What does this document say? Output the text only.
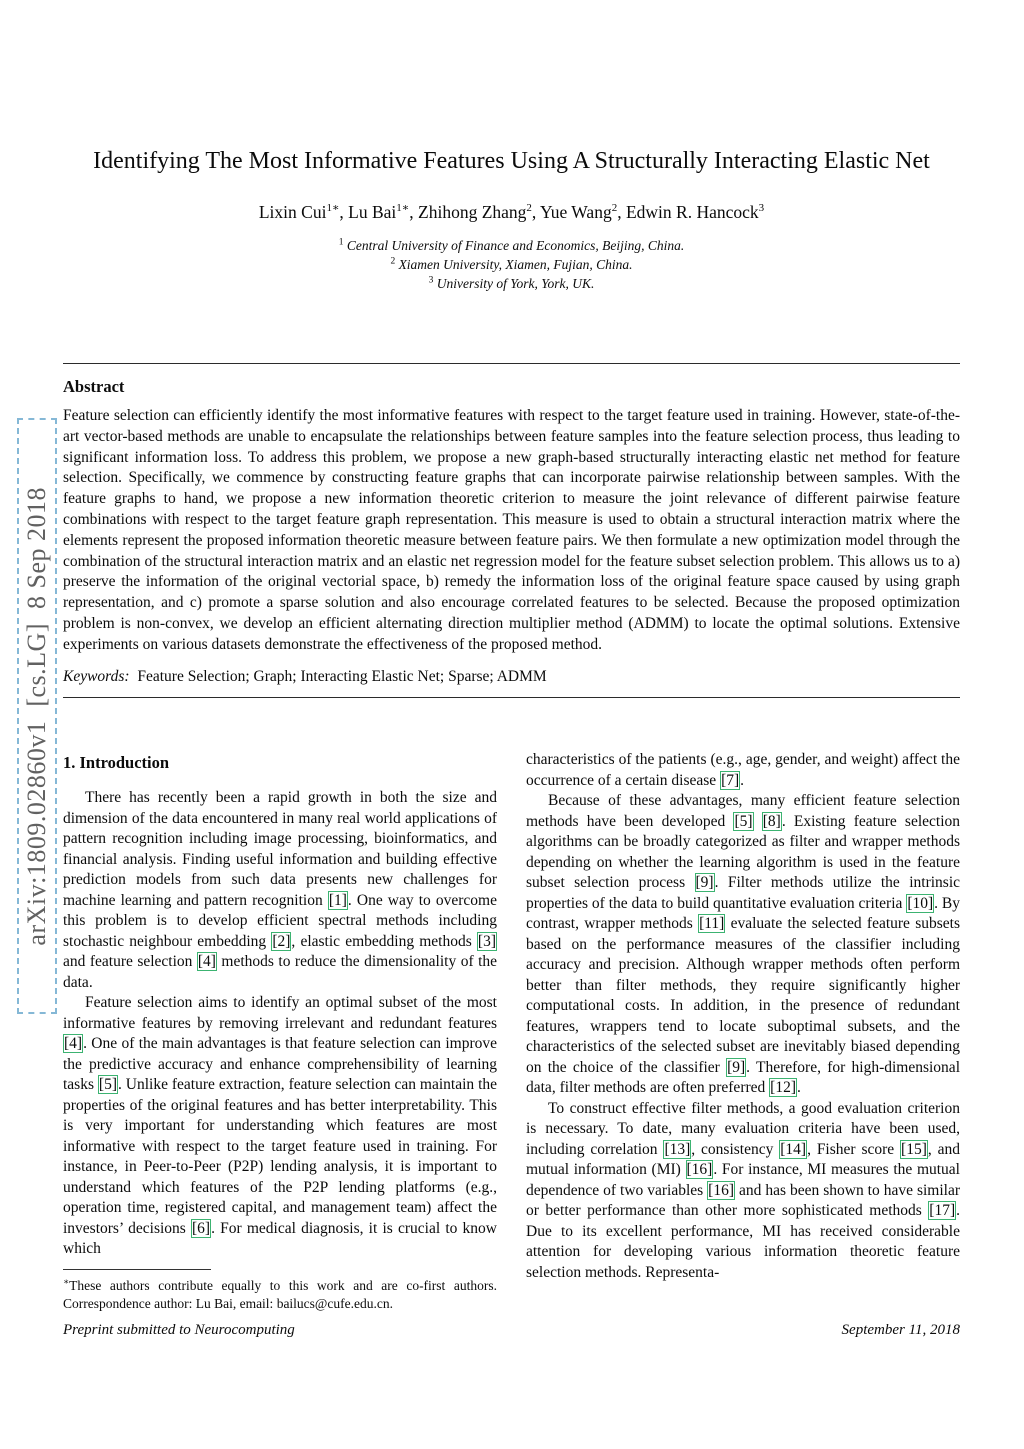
arXiv:1809.02860v1  [cs.LG]  8 Sep 2018
Identifying The Most Informative Features Using A Structurally Interacting Elastic Net
Lixin Cui$^{1∗}$, Lu Bai$^{1∗}$, Zhihong Zhang$^2$, Yue Wang$^2$, Edwin R. Hancock$^3$
$^1$ Central University of Finance and Economics, Beijing, China.
$^2$ Xiamen University, Xiamen, Fujian, China.
$^3$ University of York, York, UK.
Abstract

Feature selection can efficiently identify the most informative features with respect to the target feature used in training. However, state-of-the-art vector-based methods are unable to encapsulate the relationships between feature samples into the feature selection process, thus leading to significant information loss. To address this problem, we propose a new graph-based structurally interacting elastic net method for feature selection. Specifically, we commence by constructing feature graphs that can incorporate pairwise relationship between samples. With the feature graphs to hand, we propose a new information theoretic criterion to measure the joint relevance of different pairwise feature combinations with respect to the target feature graph representation. This measure is used to obtain a structural interaction matrix where the elements represent the proposed information theoretic measure between feature pairs. We then formulate a new optimization model through the combination of the structural interaction matrix and an elastic net regression model for the feature subset selection problem. This allows us to a) preserve the information of the original vectorial space, b) remedy the information loss of the original feature space caused by using graph representation, and c) promote a sparse solution and also encourage correlated features to be selected. Because the proposed optimization problem is non-convex, we develop an efficient alternating direction multiplier method (ADMM) to locate the optimal solutions. Extensive experiments on various datasets demonstrate the effectiveness of the proposed method.

Keywords: Feature Selection; Graph; Interacting Elastic Net; Sparse; ADMM

1. Introduction

There has recently been a rapid growth in both the size and dimension of the data encountered in many real world applications of pattern recognition including image processing, bioinformatics, and financial analysis. Finding useful information and building effective prediction models from such data presents new challenges for machine learning and pattern recognition [1]. One way to overcome this problem is to develop efficient spectral methods including stochastic neighbour embedding [2], elastic embedding methods [3] and feature selection [4] methods to reduce the dimensionality of the data.

Feature selection aims to identify an optimal subset of the most informative features by removing irrelevant and redundant features [4]. One of the main advantages is that feature selection can improve the predictive accuracy and enhance comprehensibility of learning tasks [5]. Unlike feature extraction, feature selection can maintain the properties of the original features and has better interpretability. This is very important for understanding which features are most informative with respect to the target feature used in training. For instance, in Peer-to-Peer (P2P) lending analysis, it is important to understand which features of the P2P lending platforms (e.g., operation time, registered capital, and management team) affect the investors’ decisions [6]. For medical diagnosis, it is crucial to know which

∗These authors contribute equally to this work and are co-first authors. Correspondence author: Lu Bai, email: bailucs@cufe.edu.cn.

characteristics of the patients (e.g., age, gender, and weight) affect the occurrence of a certain disease [7].

Because of these advantages, many efficient feature selection methods have been developed [5] [8]. Existing feature selection algorithms can be broadly categorized as filter and wrapper methods depending on whether the learning algorithm is used in the feature subset selection process [9]. Filter methods utilize the intrinsic properties of the data to build quantitative evaluation criteria [10]. By contrast, wrapper methods [11] evaluate the selected feature subsets based on the performance measures of the classifier including accuracy and precision. Although wrapper methods often perform better than filter methods, they require significantly higher computational costs. In addition, in the presence of redundant features, wrappers tend to locate suboptimal subsets, and the characteristics of the selected subset are inevitably biased depending on the choice of the classifier [9]. Therefore, for high-dimensional data, filter methods are often preferred [12].

To construct effective filter methods, a good evaluation criterion is necessary. To date, many evaluation criteria have been used, including correlation [13], consistency [14], Fisher score [15], and mutual information (MI) [16]. For instance, MI measures the mutual dependence of two variables [16] and has been shown to have similar or better performance than other more sophisticated methods [17]. Due to its excellent performance, MI has received considerable attention for developing various information theoretic feature selection methods. Representa-

Preprint submitted to Neurocomputing	September 11, 2018
